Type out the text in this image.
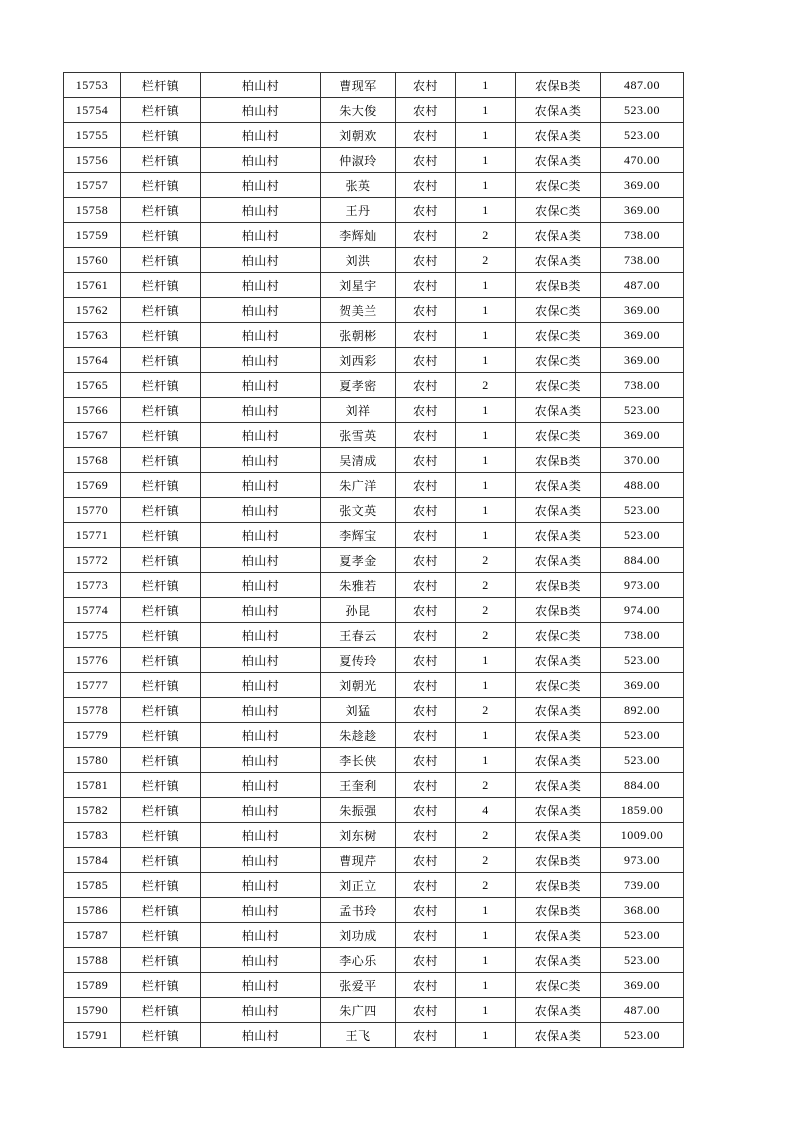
15753	栏杆镇	柏山村	曹现军	农村	1	农保B类	487.00
15754	栏杆镇	柏山村	朱大俊	农村	1	农保A类	523.00
15755	栏杆镇	柏山村	刘朝欢	农村	1	农保A类	523.00
15756	栏杆镇	柏山村	仲淑玲	农村	1	农保A类	470.00
15757	栏杆镇	柏山村	张英	农村	1	农保C类	369.00
15758	栏杆镇	柏山村	王丹	农村	1	农保C类	369.00
15759	栏杆镇	柏山村	李辉灿	农村	2	农保A类	738.00
15760	栏杆镇	柏山村	刘洪	农村	2	农保A类	738.00
15761	栏杆镇	柏山村	刘星宇	农村	1	农保B类	487.00
15762	栏杆镇	柏山村	贺美兰	农村	1	农保C类	369.00
15763	栏杆镇	柏山村	张朝彬	农村	1	农保C类	369.00
15764	栏杆镇	柏山村	刘西彩	农村	1	农保C类	369.00
15765	栏杆镇	柏山村	夏孝密	农村	2	农保C类	738.00
15766	栏杆镇	柏山村	刘祥	农村	1	农保A类	523.00
15767	栏杆镇	柏山村	张雪英	农村	1	农保C类	369.00
15768	栏杆镇	柏山村	吴清成	农村	1	农保B类	370.00
15769	栏杆镇	柏山村	朱广洋	农村	1	农保A类	488.00
15770	栏杆镇	柏山村	张文英	农村	1	农保A类	523.00
15771	栏杆镇	柏山村	李辉宝	农村	1	农保A类	523.00
15772	栏杆镇	柏山村	夏孝金	农村	2	农保A类	884.00
15773	栏杆镇	柏山村	朱雅若	农村	2	农保B类	973.00
15774	栏杆镇	柏山村	孙昆	农村	2	农保B类	974.00
15775	栏杆镇	柏山村	王春云	农村	2	农保C类	738.00
15776	栏杆镇	柏山村	夏传玲	农村	1	农保A类	523.00
15777	栏杆镇	柏山村	刘朝光	农村	1	农保C类	369.00
15778	栏杆镇	柏山村	刘猛	农村	2	农保A类	892.00
15779	栏杆镇	柏山村	朱趁趁	农村	1	农保A类	523.00
15780	栏杆镇	柏山村	李长侠	农村	1	农保A类	523.00
15781	栏杆镇	柏山村	王奎利	农村	2	农保A类	884.00
15782	栏杆镇	柏山村	朱振强	农村	4	农保A类	1859.00
15783	栏杆镇	柏山村	刘东树	农村	2	农保A类	1009.00
15784	栏杆镇	柏山村	曹现芹	农村	2	农保B类	973.00
15785	栏杆镇	柏山村	刘正立	农村	2	农保B类	739.00
15786	栏杆镇	柏山村	孟书玲	农村	1	农保B类	368.00
15787	栏杆镇	柏山村	刘功成	农村	1	农保A类	523.00
15788	栏杆镇	柏山村	李心乐	农村	1	农保A类	523.00
15789	栏杆镇	柏山村	张爱平	农村	1	农保C类	369.00
15790	栏杆镇	柏山村	朱广四	农村	1	农保A类	487.00
15791	栏杆镇	柏山村	王飞	农村	1	农保A类	523.00
